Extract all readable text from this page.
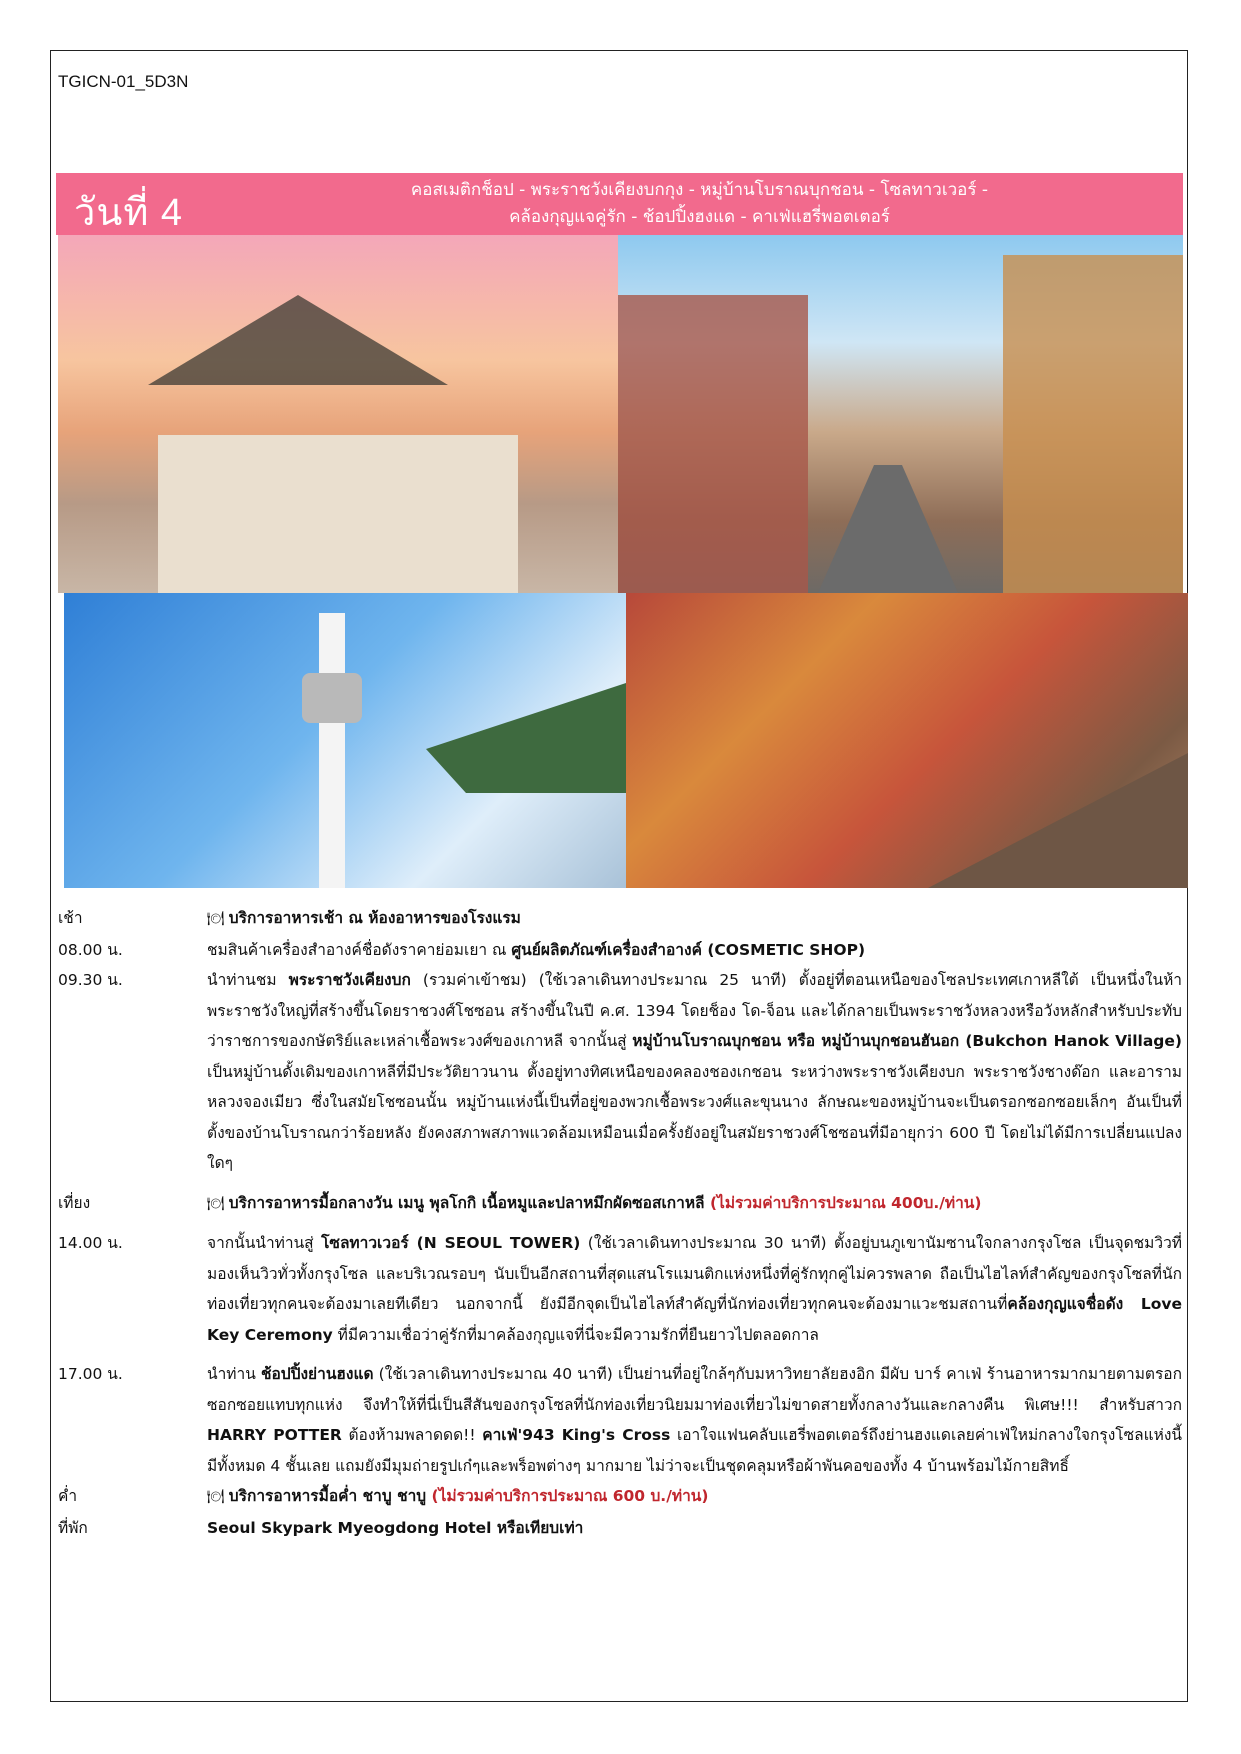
TGICN-01_5D3N
วันที่ 4
คอสเมติกช็อป - พระราชวังเคียงบกกุง - หมู่บ้านโบราณบุกชอน - โซลทาวเวอร์ -
คล้องกุญแจคู่รัก - ช้อปปิ้งฮงแด - คาเฟ่แฮรี่พอตเตอร์
เช้า	🍽 บริการอาหารเช้า ณ ห้องอาหารของโรงแรม
08.00 น.	ชมสินค้าเครื่องสำอางค์ชื่อดังราคาย่อมเยา ณ ศูนย์ผลิตภัณฑ์เครื่องสำอางค์ (COSMETIC SHOP)
09.30 น.	นำท่านชม พระราชวังเคียงบก (รวมค่าเข้าชม) (ใช้เวลาเดินทางประมาณ 25 นาที) ตั้งอยู่ที่ตอนเหนือของโซลประเทศเกาหลีใต้ เป็นหนึ่งในห้าพระราชวังใหญ่ที่สร้างขึ้นโดยราชวงศ์โชซอน สร้างขึ้นในปี ค.ศ. 1394 โดยช็อง โด-จ็อน และได้กลายเป็นพระราชวังหลวงหรือวังหลักสำหรับประทับว่าราชการของกษัตริย์และเหล่าเชื้อพระวงศ์ของเกาหลี จากนั้นสู่ หมู่บ้านโบราณบุกชอน หรือ หมู่บ้านบุกชอนฮันอก (Bukchon Hanok Village) เป็นหมู่บ้านดั้งเดิมของเกาหลีที่มีประวัติยาวนาน ตั้งอยู่ทางทิศเหนือของคลองชองเกชอน ระหว่างพระราชวังเคียงบก พระราชวังชางด๊อก และอารามหลวงจองเมียว ซึ่งในสมัยโชซอนนั้น หมู่บ้านแห่งนี้เป็นที่อยู่ของพวกเชื้อพระวงศ์และขุนนาง ลักษณะของหมู่บ้านจะเป็นตรอกซอกซอยเล็กๆ อันเป็นที่ตั้งของบ้านโบราณกว่าร้อยหลัง ยังคงสภาพสภาพแวดล้อมเหมือนเมื่อครั้งยังอยู่ในสมัยราชวงศ์โชซอนที่มีอายุกว่า 600 ปี โดยไม่ได้มีการเปลี่ยนแปลงใดๆ
เที่ยง	🍽 บริการอาหารมื้อกลางวัน เมนู พุลโกกิ เนื้อหมูและปลาหมึกผัดซอสเกาหลี (ไม่รวมค่าบริการประมาณ 400บ./ท่าน)
14.00 น.	จากนั้นนำท่านสู่ โซลทาวเวอร์ (N SEOUL TOWER) (ใช้เวลาเดินทางประมาณ 30 นาที) ตั้งอยู่บนภูเขานัมซานใจกลางกรุงโซล เป็นจุดชมวิวที่มองเห็นวิวทั่วทั้งกรุงโซล และบริเวณรอบๆ นับเป็นอีกสถานที่สุดแสนโรแมนติกแห่งหนึ่งที่คู่รักทุกคู่ไม่ควรพลาด ถือเป็นไฮไลท์สำคัญของกรุงโซลที่นักท่องเที่ยวทุกคนจะต้องมาเลยทีเดียว นอกจากนี้ ยังมีอีกจุดเป็นไฮไลท์สำคัญที่นักท่องเที่ยวทุกคนจะต้องมาแวะชมสถานที่คล้องกุญแจชื่อดัง Love Key Ceremony ที่มีความเชื่อว่าคู่รักที่มาคล้องกุญแจที่นี่จะมีความรักที่ยืนยาวไปตลอดกาล
17.00 น.	นำท่าน ช้อปปิ้งย่านฮงแด (ใช้เวลาเดินทางประมาณ 40 นาที) เป็นย่านที่อยู่ใกล้ๆกับมหาวิทยาลัยฮงอิก มีผับ บาร์ คาเฟ่ ร้านอาหารมากมายตามตรอกซอกซอยแทบทุกแห่ง จึงทำให้ที่นี่เป็นสีสันของกรุงโซลที่นักท่องเที่ยวนิยมมาท่องเที่ยวไม่ขาดสายทั้งกลางวันและกลางคืน พิเศษ!!! สำหรับสาวก HARRY POTTER ต้องห้ามพลาดดด!! คาเฟ่'943 King's Cross เอาใจแฟนคลับแฮรี่พอตเตอร์ถึงย่านฮงแดเลยค่าเฟ่ใหม่กลางใจกรุงโซลแห่งนี้ มีทั้งหมด 4 ชั้นเลย แถมยังมีมุมถ่ายรูปเก๋ๆและพร็อพต่างๆ มากมาย ไม่ว่าจะเป็นชุดคลุมหรือผ้าพันคอของทั้ง 4 บ้านพร้อมไม้กายสิทธิ์
ค่ำ	🍽 บริการอาหารมื้อค่ำ ชาบู ชาบู (ไม่รวมค่าบริการประมาณ 600 บ./ท่าน)
ที่พัก	Seoul Skypark Myeogdong Hotel หรือเทียบเท่า
